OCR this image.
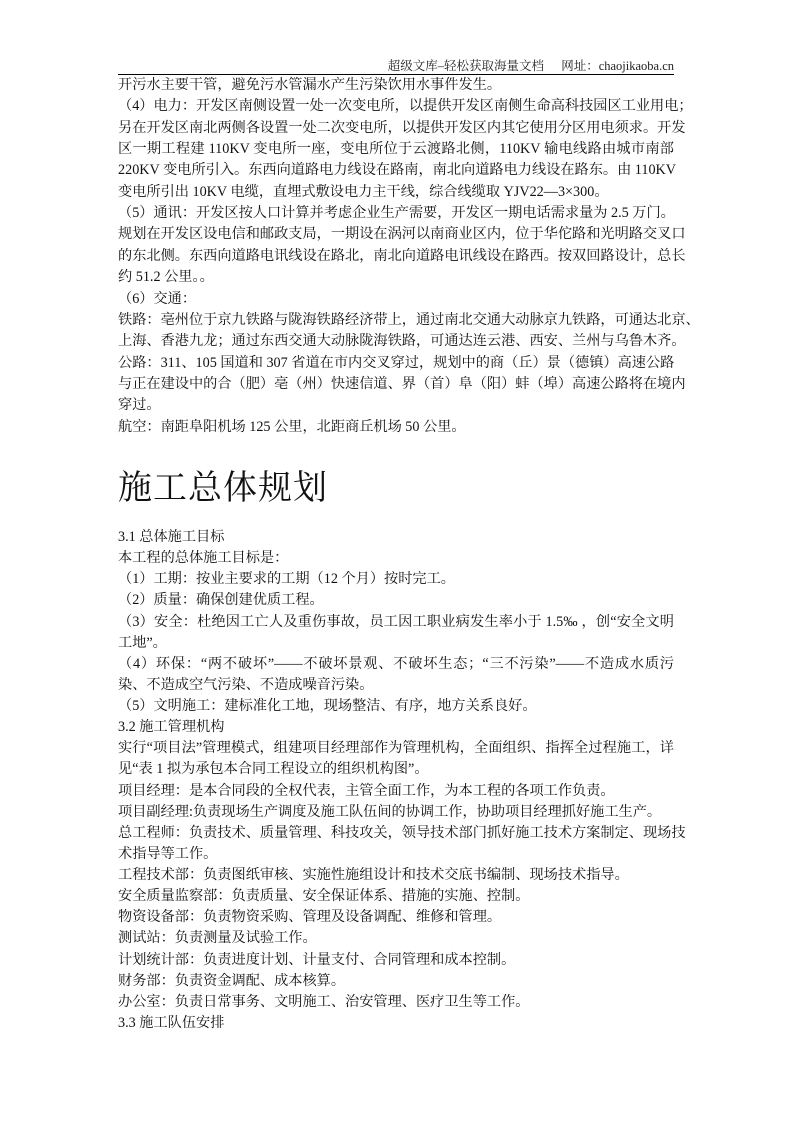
超级文库–轻松获取海量文档 网址：chaojikaoba.cn
开污水主要干管，避免污水管漏水产生污染饮用水事件发生。
（4）电力：开发区南侧设置一处一次变电所，以提供开发区南侧生命高科技园区工业用电；
另在开发区南北两侧各设置一处二次变电所，以提供开发区内其它使用分区用电须求。开发
区一期工程建 110KV 变电所一座，变电所位于云渡路北侧，110KV 输电线路由城市南部
220KV 变电所引入。东西向道路电力线设在路南，南北向道路电力线设在路东。由 110KV
变电所引出 10KV 电缆，直埋式敷设电力主干线，综合线缆取 YJV22—3×300。
（5）通讯：开发区按人口计算并考虑企业生产需要，开发区一期电话需求量为 2.5 万门。
规划在开发区设电信和邮政支局，一期设在涡河以南商业区内，位于华佗路和光明路交叉口
的东北侧。东西向道路电讯线设在路北，南北向道路电讯线设在路西。按双回路设计，总长
约 51.2 公里。。
（6）交通：
铁路：亳州位于京九铁路与陇海铁路经济带上，通过南北交通大动脉京九铁路，可通达北京、
上海、香港九龙；通过东西交通大动脉陇海铁路，可通达连云港、西安、兰州与乌鲁木齐。
公路：311、105 国道和 307 省道在市内交叉穿过，规划中的商（丘）景（德镇）高速公路
与正在建设中的合（肥）亳（州）快速信道、界（首）阜（阳）蚌（埠）高速公路将在境内
穿过。
航空：南距阜阳机场 125 公里，北距商丘机场 50 公里。
施工总体规划
3.1 总体施工目标
本工程的总体施工目标是：
（1）工期：按业主要求的工期（12 个月）按时完工。
（2）质量：确保创建优质工程。
（3）安全：杜绝因工亡人及重伤事故，员工因工职业病发生率小于 1.5‰ ，创“安全文明
工地”。
（4）环保：“两不破坏”——不破坏景观、不破坏生态；“三不污染”——不造成水质污
染、不造成空气污染、不造成噪音污染。
（5）文明施工：建标准化工地，现场整洁、有序，地方关系良好。
3.2 施工管理机构
实行“项目法”管理模式，组建项目经理部作为管理机构，全面组织、指挥全过程施工，详
见“表 1 拟为承包本合同工程设立的组织机构图”。
项目经理：是本合同段的全权代表，主管全面工作，为本工程的各项工作负责。
项目副经理:负责现场生产调度及施工队伍间的协调工作，协助项目经理抓好施工生产。
总工程师：负责技术、质量管理、科技攻关，领导技术部门抓好施工技术方案制定、现场技
术指导等工作。
工程技术部：负责图纸审核、实施性施组设计和技术交底书编制、现场技术指导。
安全质量监察部：负责质量、安全保证体系、措施的实施、控制。
物资设备部：负责物资采购、管理及设备调配、维修和管理。
测试站：负责测量及试验工作。
计划统计部：负责进度计划、计量支付、合同管理和成本控制。
财务部：负责资金调配、成本核算。
办公室：负责日常事务、文明施工、治安管理、医疗卫生等工作。
3.3 施工队伍安排
